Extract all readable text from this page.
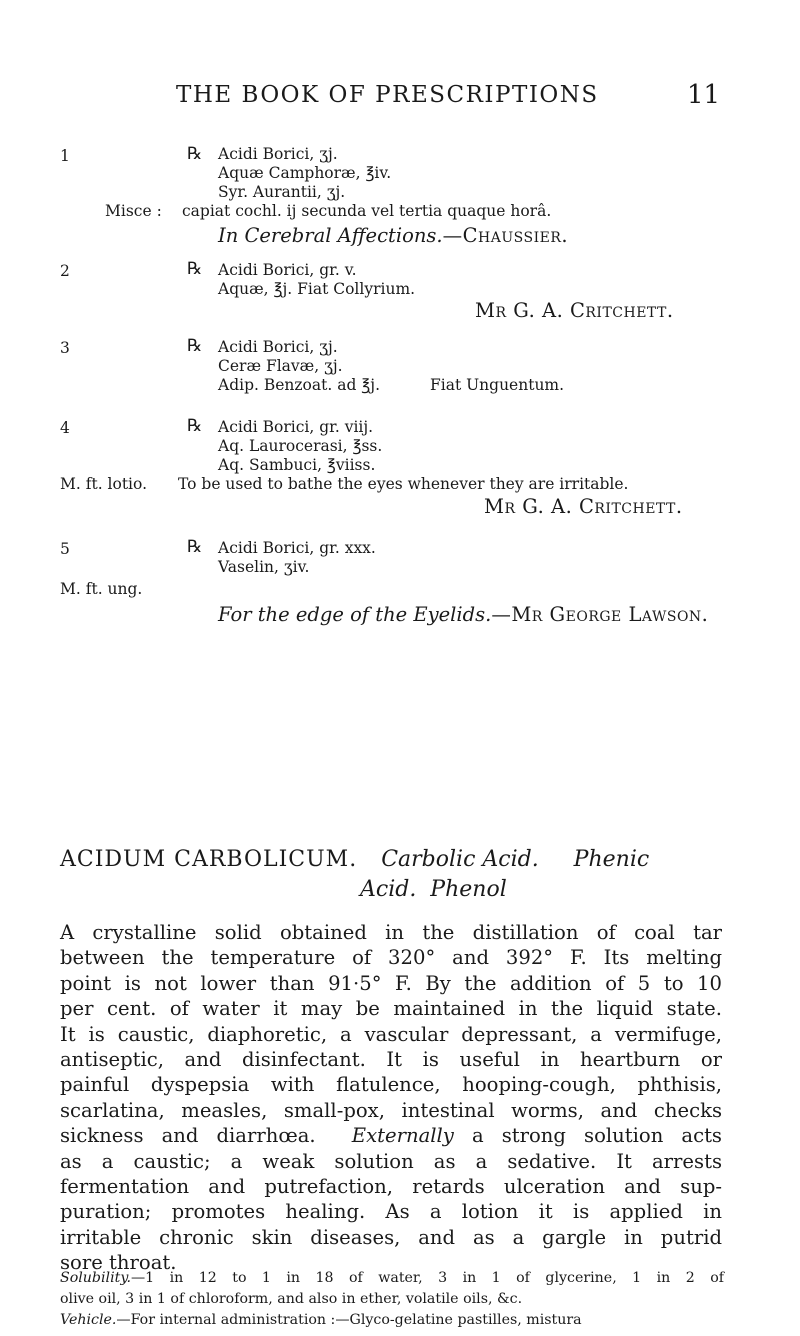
THE BOOK OF PRESCRIPTIONS	11
1	℞ Acidi Borici, ʒj.
Aquæ Camphoræ, ℥iv.
Syr. Aurantii, ʒj.
Misce : capiat cochl. ij secunda vel tertia quaque horâ.
In Cerebral Affections.—Chaussier.
2	℞ Acidi Borici, gr. v.
Aquæ, ℥j. Fiat Collyrium.
Mr G. A. Critchett.
3	℞ Acidi Borici, ʒj.
Ceræ Flavæ, ʒj.
Adip. Benzoat. ad ℥j.	Fiat Unguentum.
4	℞ Acidi Borici, gr. viij.
Aq. Laurocerasi, ℥ss.
Aq. Sambuci, ℥viiss.
M. ft. lotio. To be used to bathe the eyes whenever they are irritable.
Mr G. A. Critchett.
5	℞ Acidi Borici, gr. xxx.
Vaselin, ʒiv.
M. ft. ung.
For the edge of the Eyelids.—Mr George Lawson.
ACIDUM CARBOLICUM. Carbolic Acid.     Phenic
Acid.  Phenol
A crystalline solid obtained in the distillation of coal tar
between the temperature of 320° and 392° F. Its melting
point is not lower than 91·5° F. By the addition of 5 to 10
per cent. of water it may be maintained in the liquid state.
It is caustic, diaphoretic, a vascular depressant, a vermifuge,
antiseptic, and disinfectant. It is useful in heartburn or
painful dyspepsia with flatulence, hooping-cough, phthisis,
scarlatina, measles, small-pox, intestinal worms, and checks
sickness and diarrhœa. Externally a strong solution acts
as a caustic; a weak solution as a sedative. It arrests
fermentation and putrefaction, retards ulceration and sup-
puration; promotes healing. As a lotion it is applied in
irritable chronic skin diseases, and as a gargle in putrid
sore throat.
Solubility.—1 in 12 to 1 in 18 of water, 3 in 1 of glycerine, 1 in 2 of
olive oil, 3 in 1 of chloroform, and also in ether, volatile oils, &c.
Vehicle.—For internal administration :—Glyco-gelatine pastilles, mistura
